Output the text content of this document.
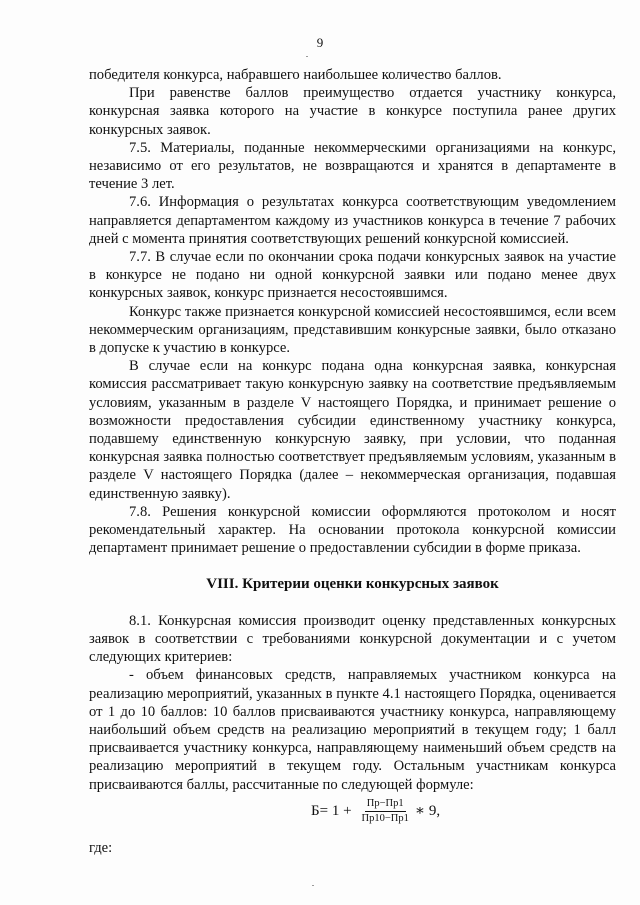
9

победителя конкурса, набравшего наибольшее количество баллов.

При равенстве баллов преимущество отдается участнику конкурса, конкурсная заявка которого на участие в конкурсе поступила ранее других конкурсных заявок.

7.5. Материалы, поданные некоммерческими организациями на конкурс, независимо от его результатов, не возвращаются и хранятся в департаменте в течение 3 лет.

7.6. Информация о результатах конкурса соответствующим уведомлением направляется департаментом каждому из участников конкурса в течение 7 рабочих дней с момента принятия соответствующих решений конкурсной комиссией.

7.7. В случае если по окончании срока подачи конкурсных заявок на участие в конкурсе не подано ни одной конкурсной заявки или подано менее двух конкурсных заявок, конкурс признается несостоявшимся.

Конкурс также признается конкурсной комиссией несостоявшимся, если всем некоммерческим организациям, представившим конкурсные заявки, было отказано в допуске к участию в конкурсе.

В случае если на конкурс подана одна конкурсная заявка, конкурсная комиссия рассматривает такую конкурсную заявку на соответствие предъявляемым условиям, указанным в разделе V настоящего Порядка, и принимает решение о возможности предоставления субсидии единственному участнику конкурса, подавшему единственную конкурсную заявку, при условии, что поданная конкурсная заявка полностью соответствует предъявляемым условиям, указанным в разделе V настоящего Порядка (далее – некоммерческая организация, подавшая единственную заявку).

7.8. Решения конкурсной комиссии оформляются протоколом и носят рекомендательный характер. На основании протокола конкурсной комиссии департамент принимает решение о предоставлении субсидии в форме приказа.

VIII. Критерии оценки конкурсных заявок

8.1. Конкурсная комиссия производит оценку представленных конкурсных заявок в соответствии с требованиями конкурсной документации и с учетом следующих критериев:

- объем финансовых средств, направляемых участником конкурса на реализацию мероприятий, указанных в пункте 4.1 настоящего Порядка, оценивается от 1 до 10 баллов: 10 баллов присваиваются участнику конкурса, направляющему наибольший объем средств на реализацию мероприятий в текущем году; 1 балл присваивается участнику конкурса, направляющему наименьший объем средств на реализацию мероприятий в текущем году. Остальным участникам конкурса присваиваются баллы, рассчитанные по следующей формуле:

$Б= 1 + \frac{Пр-Пр1}{Пр10-Пр1}$ ∗ 9,

где:
